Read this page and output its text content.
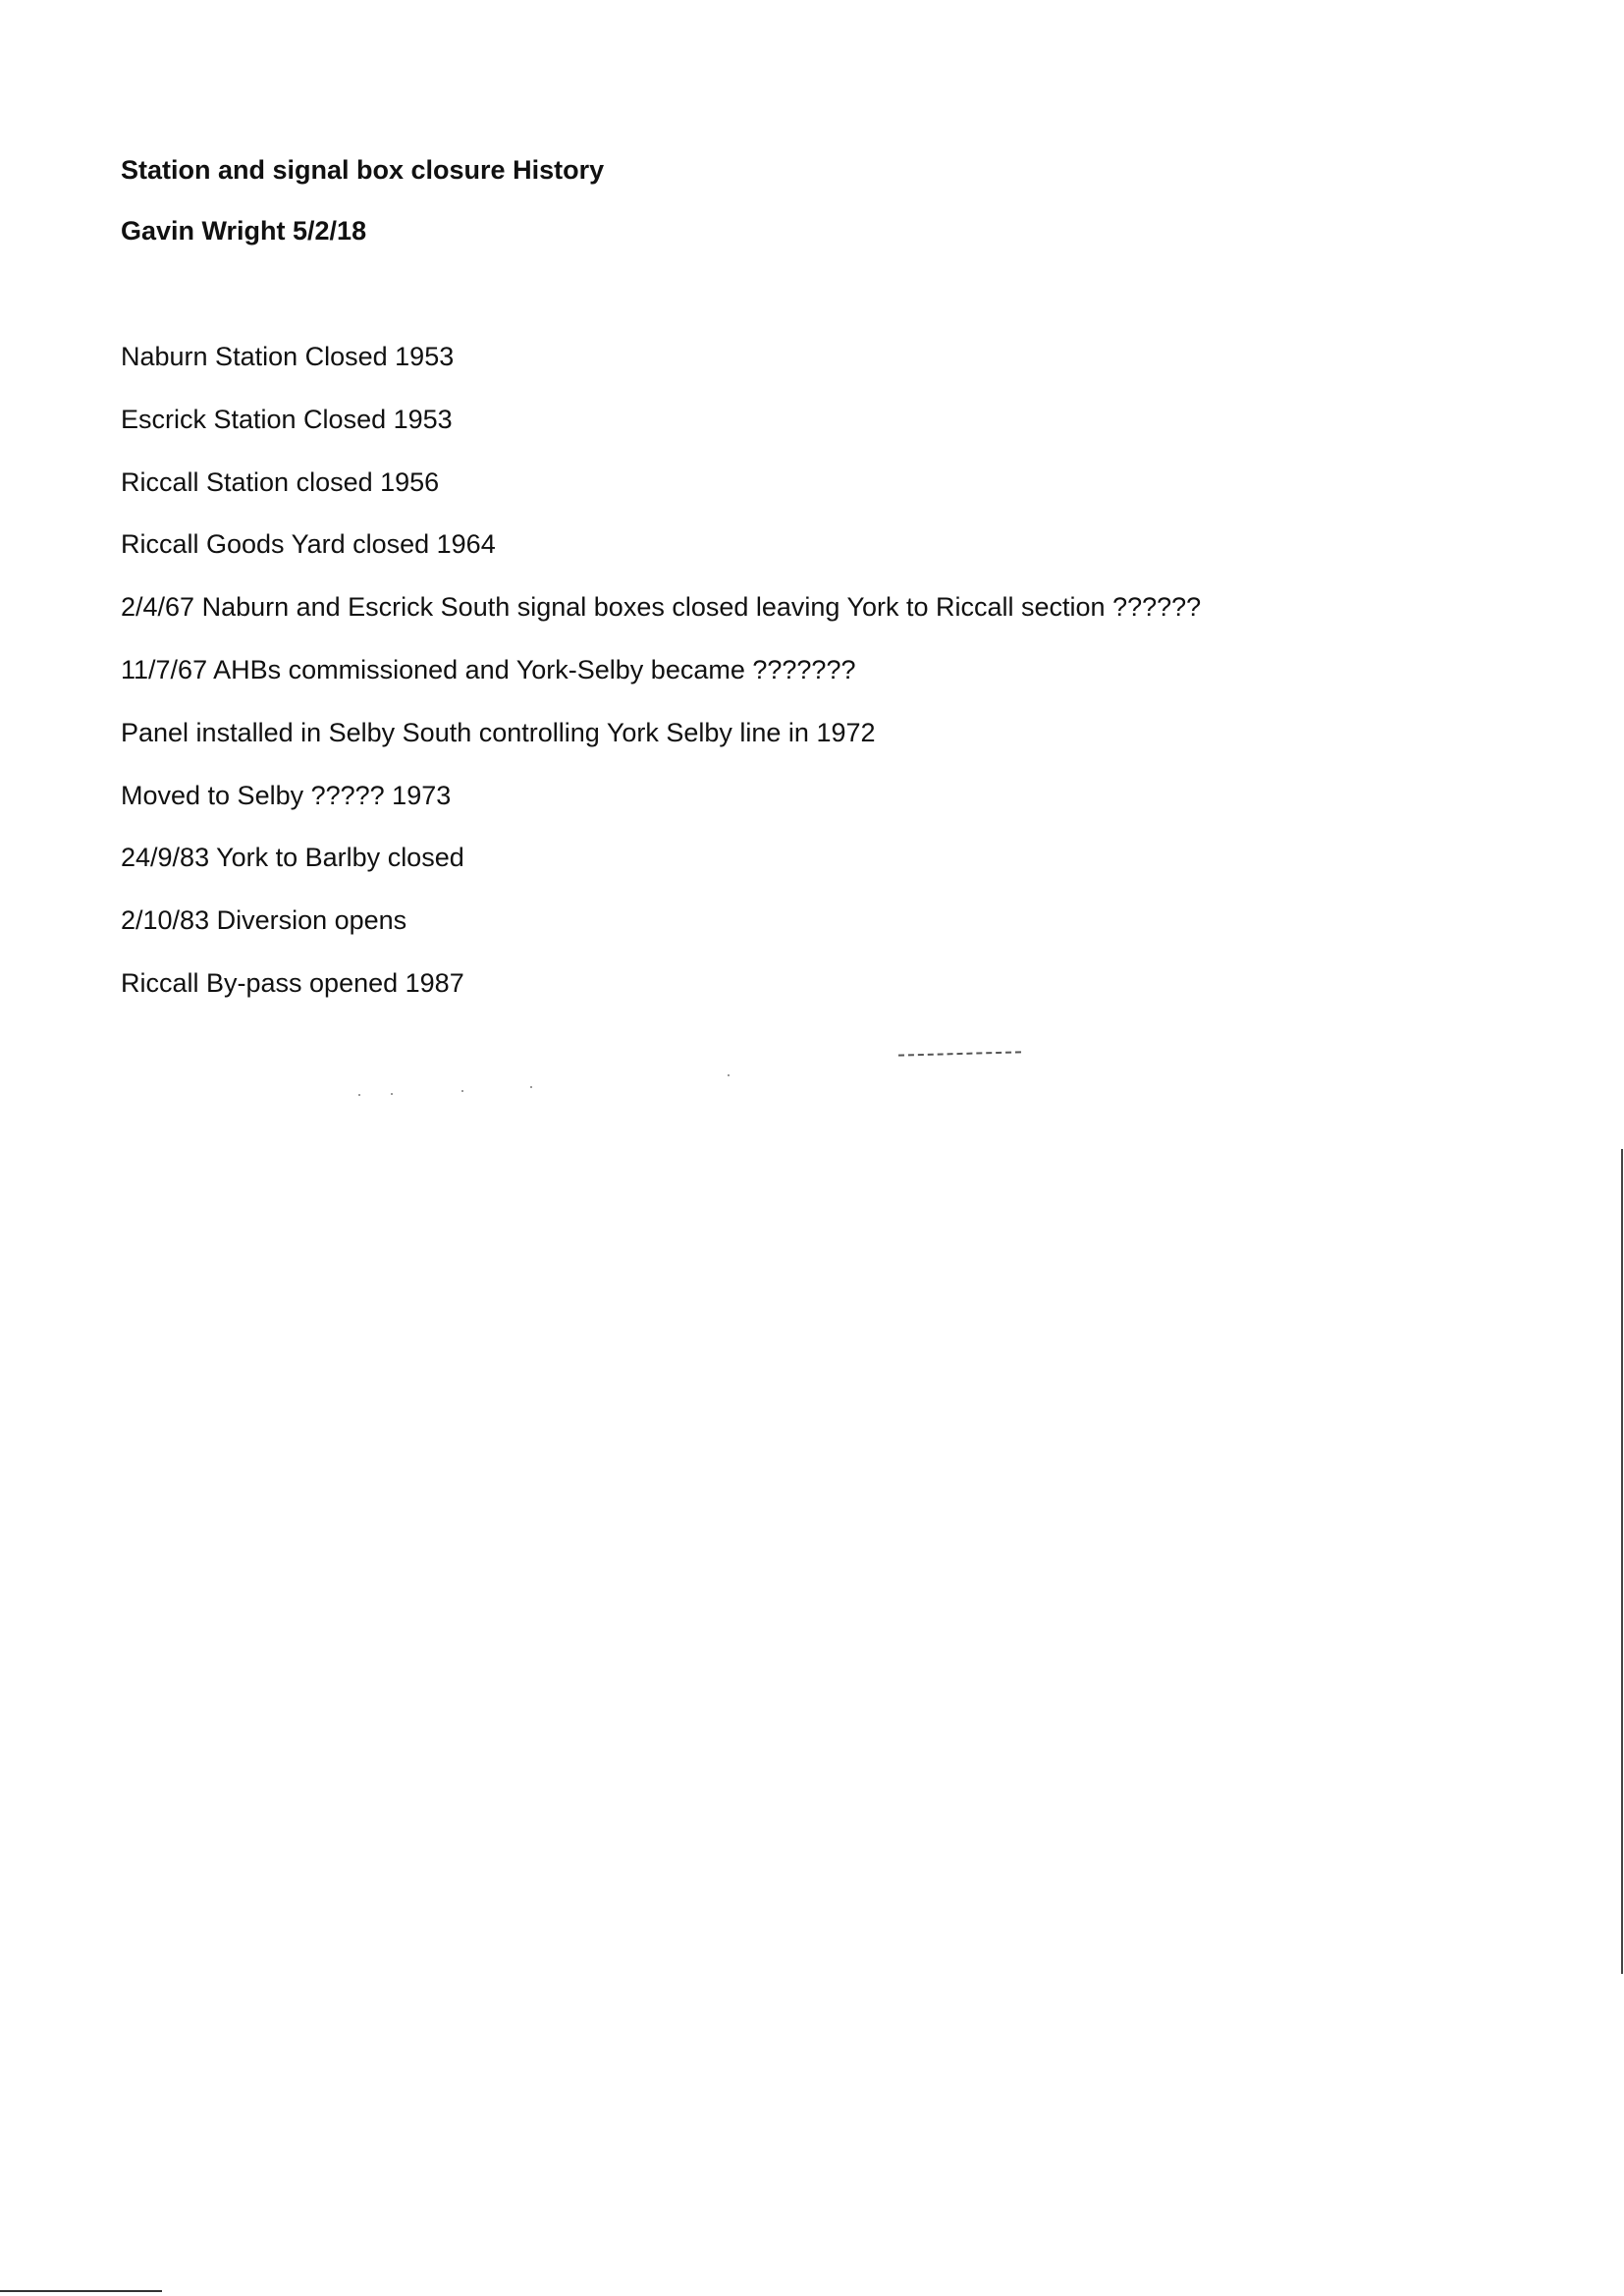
Station and signal box closure History
Gavin Wright 5/2/18
Naburn Station Closed 1953
Escrick Station Closed 1953
Riccall Station closed 1956
Riccall Goods Yard closed 1964
2/4/67 Naburn and Escrick South signal boxes closed leaving York to Riccall section ??????
11/7/67 AHBs commissioned and York-Selby became ???????
Panel installed in Selby South controlling York Selby line in 1972
Moved to Selby ????? 1973
24/9/83 York to Barlby closed
2/10/83 Diversion opens
Riccall By-pass opened 1987
